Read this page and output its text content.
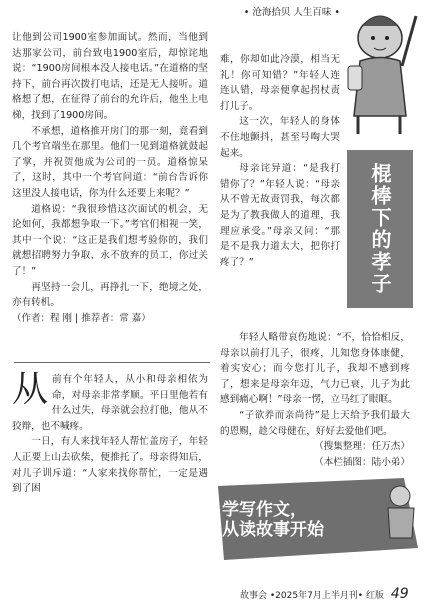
• 沧海拾贝 人生百味 •
棍棒下的孝子

让他到公司1900室参加面试。然而，当他到达那家公司，前台致电1900室后，却惊诧地说：“1900房间根本没人接电话。”在道格的坚持下，前台再次拨打电话，还是无人接听。道格想了想，在征得了前台的允许后，他坐上电梯，找到了1900房间。

不承想，道格推开房门的那一刻，竟看到几个考官端坐在那里。他们一见到道格就鼓起了掌，并祝贺他成为公司的一员。道格惊呆了，这时，其中一个考官问道：“前台告诉你这里没人接电话，你为什么还要上来呢？”

道格说：“我很珍惜这次面试的机会，无论如何，我都想争取一下。”考官们相视一笑，其中一个说：“这正是我们想考验你的，我们就想招聘努力争取、永不放弃的员工，你过关了！”

再坚持一会儿，再挣扎一下，绝境之处，亦有转机。

（作者：程 刚 | 推荐者：常 嘉）

从前有个年轻人，从小和母亲相依为命，对母亲非常孝顺。平日里他若有什么过失，母亲就会拉打他，他从不狡辩，也不喊疼。

一日，有人来找年轻人帮忙盖房子，年轻人正要上山去砍柴，便推托了。母亲得知后，对儿子训斥道：“人家来找你帮忙，一定是遇到了困

难，你却如此冷漠，相当无礼！你可知错？”年轻人连连认错，母亲便拿起拐杖责打儿子。

这一次，年轻人的身体不住地颤抖，甚至号啕大哭起来。

母亲诧异道：“是我打错你了？”年轻人说：“母亲从不曾无故责罚我，每次都是为了教我做人的道理，我理应承受。”母亲又问：“那是不是我力道太大，把你打疼了？”

年轻人略带哀伤地说：“不，恰恰相反，母亲以前打儿子，很疼，儿知您身体康健，着实安心；而今您打儿子，我却不感到疼了，想来是母亲年迈，气力已衰，儿子为此感到痛心啊！”母亲一愣，立马红了眼眶。

“子欲养而亲尚待”是上天给予我们最大的恩赐，趁父母健在，好好去爱他们吧。

（搜集整理：任万杰）

（本栏插图：陆小弟）

学写作文，
从读故事开始
故事会 •2025年7月上半月刊• 红版 49
